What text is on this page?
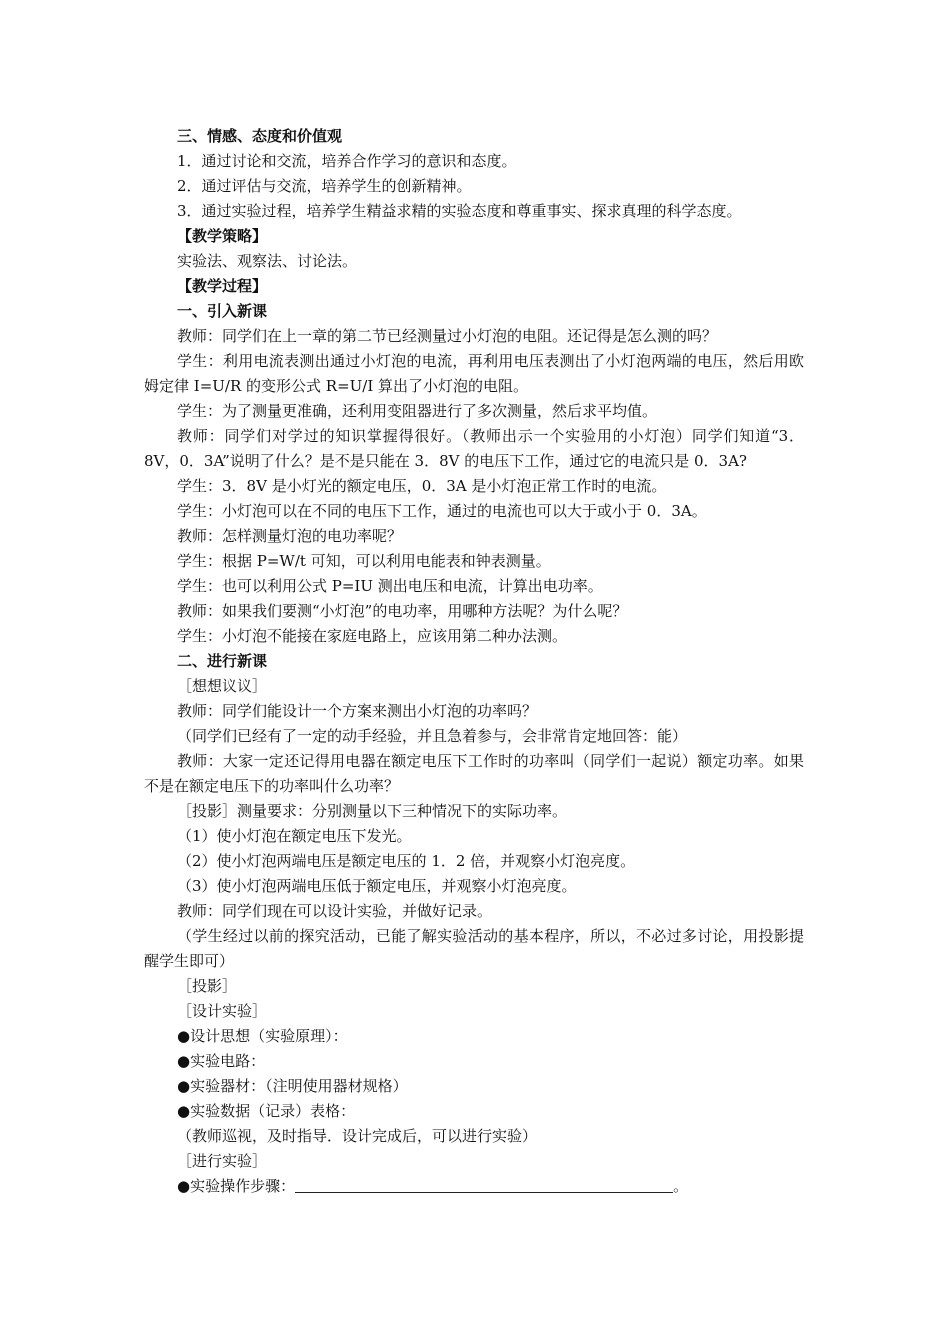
三、情感、态度和价值观
1．通过讨论和交流，培养合作学习的意识和态度。
2．通过评估与交流，培养学生的创新精神。
3．通过实验过程，培养学生精益求精的实验态度和尊重事实、探求真理的科学态度。
【教学策略】
实验法、观察法、讨论法。
【教学过程】
一、引入新课
教师：同学们在上一章的第二节已经测量过小灯泡的电阻。还记得是怎么测的吗？
学生：利用电流表测出通过小灯泡的电流，再利用电压表测出了小灯泡两端的电压，然后用欧姆定律 I=U/R 的变形公式 R=U/I 算出了小灯泡的电阻。
学生：为了测量更准确，还利用变阻器进行了多次测量，然后求平均值。
教师：同学们对学过的知识掌握得很好。（教师出示一个实验用的小灯泡）同学们知道“3．8V，0．3A”说明了什么？是不是只能在 3．8V 的电压下工作，通过它的电流只是 0．3A?
学生：3．8V 是小灯光的额定电压，0．3A 是小灯泡正常工作时的电流。
学生：小灯泡可以在不同的电压下工作，通过的电流也可以大于或小于 0．3A。
教师：怎样测量灯泡的电功率呢？
学生：根据 P=W/t 可知，可以利用电能表和钟表测量。
学生：也可以利用公式 P=IU 测出电压和电流，计算出电功率。
教师：如果我们要测“小灯泡”的电功率，用哪种方法呢？为什么呢？
学生：小灯泡不能接在家庭电路上，应该用第二种办法测。
二、进行新课
［想想议议］
教师：同学们能设计一个方案来测出小灯泡的功率吗？
（同学们已经有了一定的动手经验，并且急着参与，会非常肯定地回答：能）
教师：大家一定还记得用电器在额定电压下工作时的功率叫（同学们一起说）额定功率。如果不是在额定电压下的功率叫什么功率？
［投影］测量要求：分别测量以下三种情况下的实际功率。
（1）使小灯泡在额定电压下发光。
（2）使小灯泡两端电压是额定电压的 1．2 倍，并观察小灯泡亮度。
（3）使小灯泡两端电压低于额定电压，并观察小灯泡亮度。
教师：同学们现在可以设计实验，并做好记录。
（学生经过以前的探究活动，已能了解实验活动的基本程序，所以，不必过多讨论，用投影提醒学生即可）
［投影］
［设计实验］
●设计思想（实验原理）：
●实验电路：
●实验器材：（注明使用器材规格）
●实验数据（记录）表格：
（教师巡视，及时指导．设计完成后，可以进行实验）
［进行实验］
●实验操作步骤：	。
